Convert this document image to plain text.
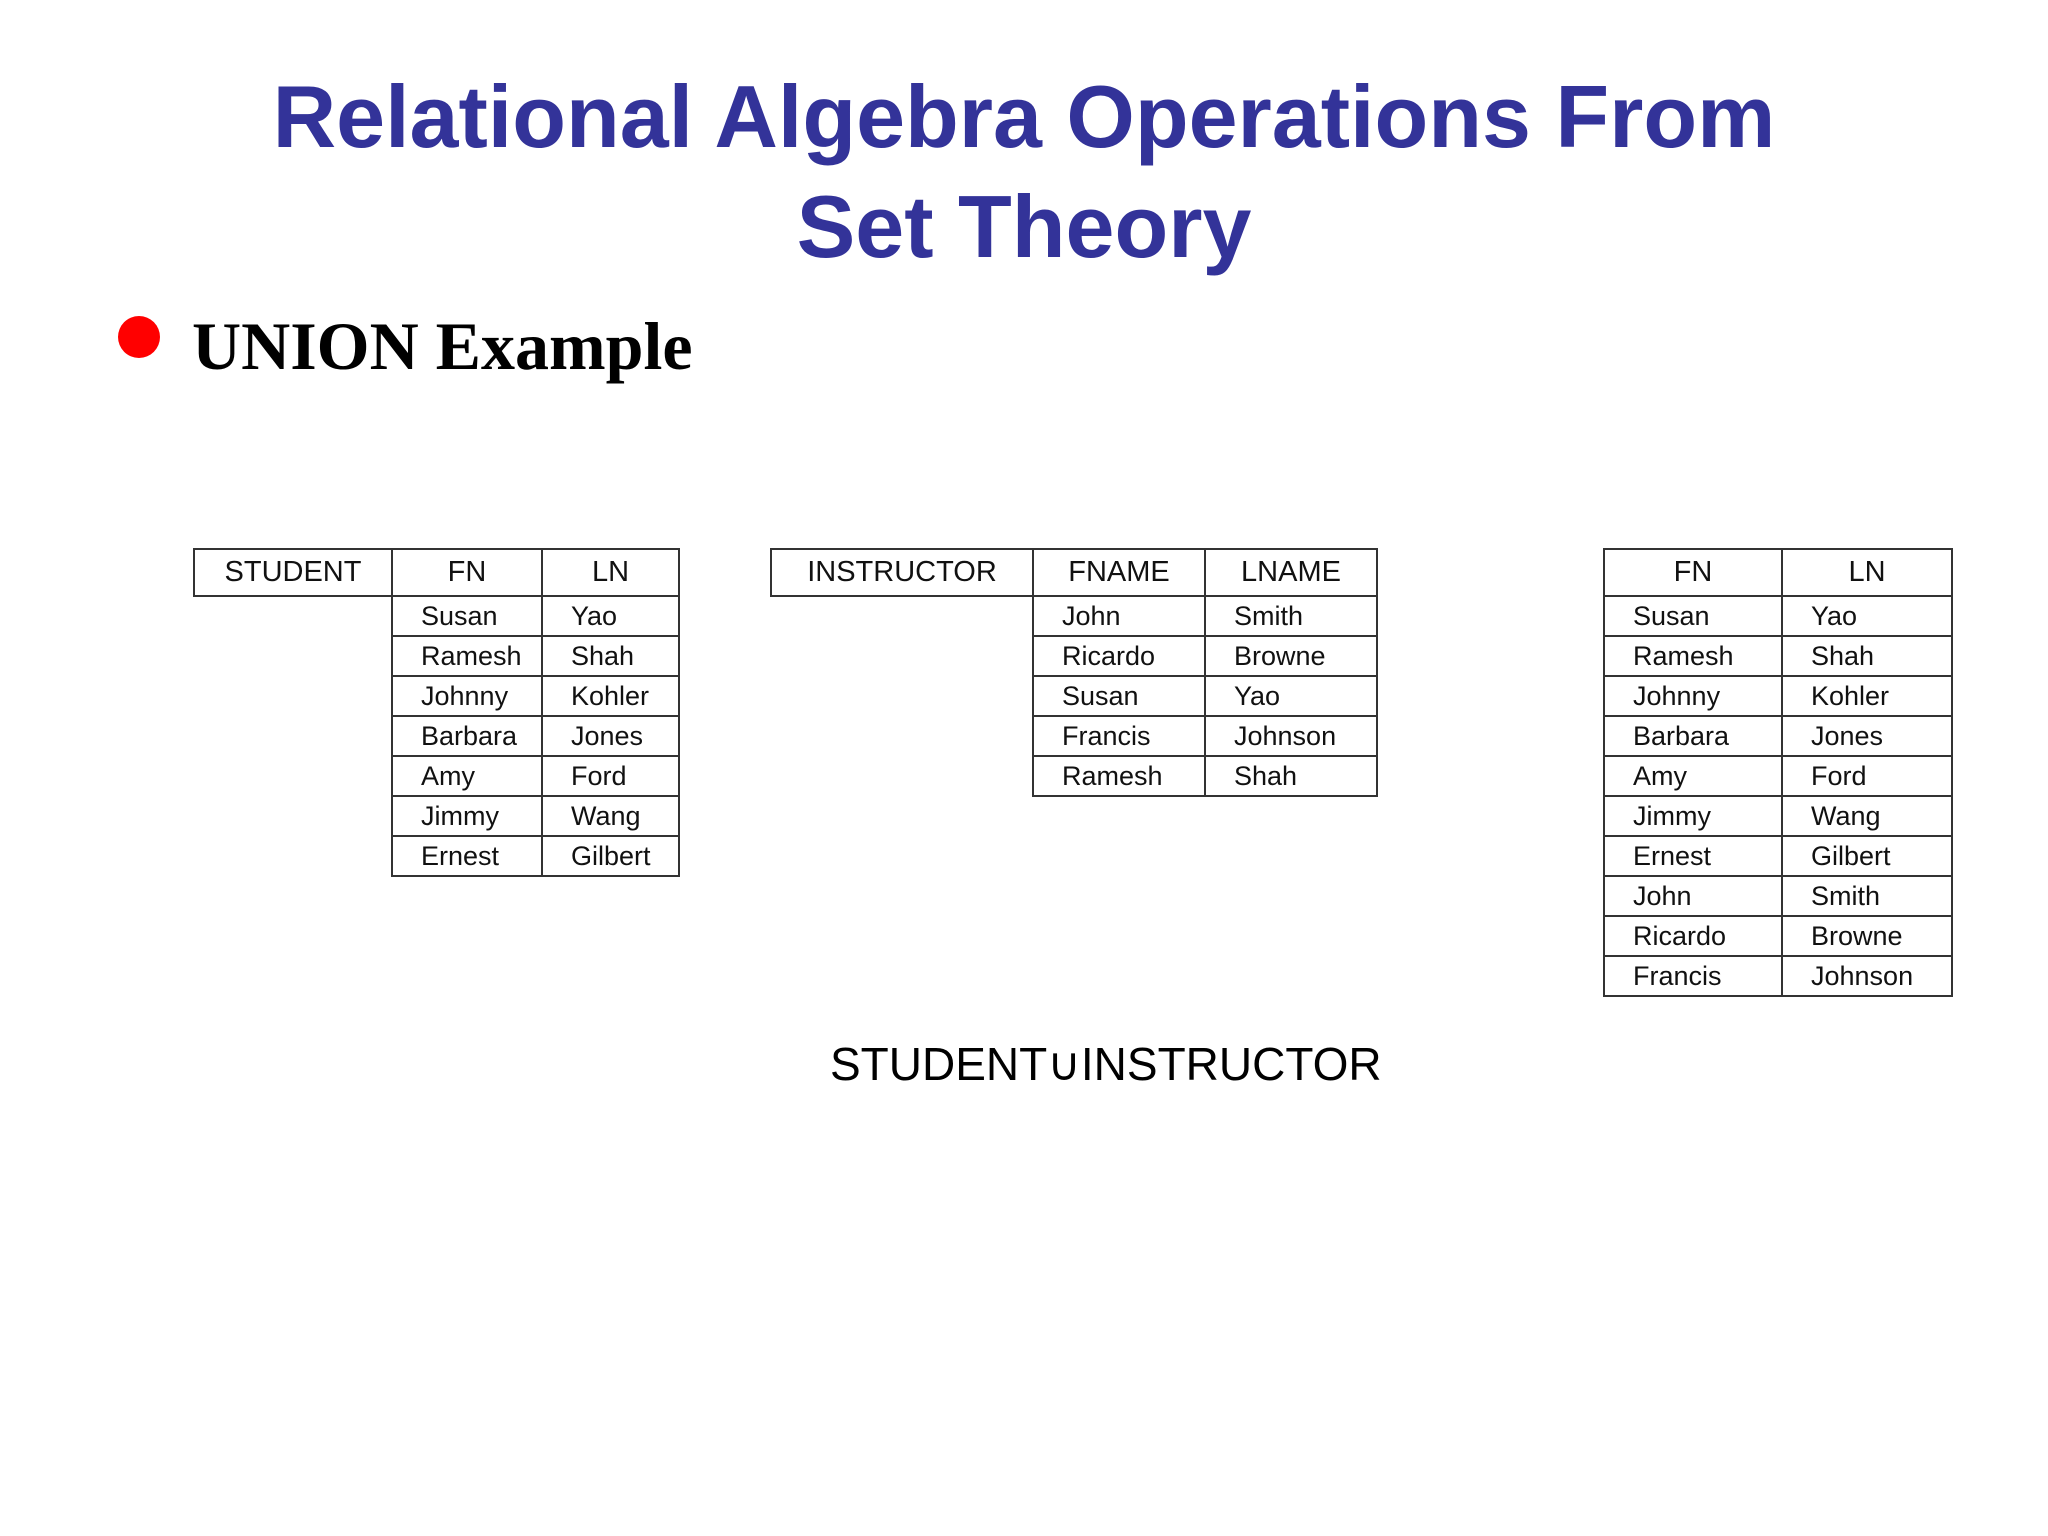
Relational Algebra Operations From
Set Theory

UNION Example

STUDENT	FN	LN
	Susan	Yao
	Ramesh	Shah
	Johnny	Kohler
	Barbara	Jones
	Amy	Ford
	Jimmy	Wang
	Ernest	Gilbert
INSTRUCTOR	FNAME	LNAME
	John	Smith
	Ricardo	Browne
	Susan	Yao
	Francis	Johnson
	Ramesh	Shah
FN	LN
Susan	Yao
Ramesh	Shah
Johnny	Kohler
Barbara	Jones
Amy	Ford
Jimmy	Wang
Ernest	Gilbert
John	Smith
Ricardo	Browne
Francis	Johnson

STUDENT∪INSTRUCTOR
